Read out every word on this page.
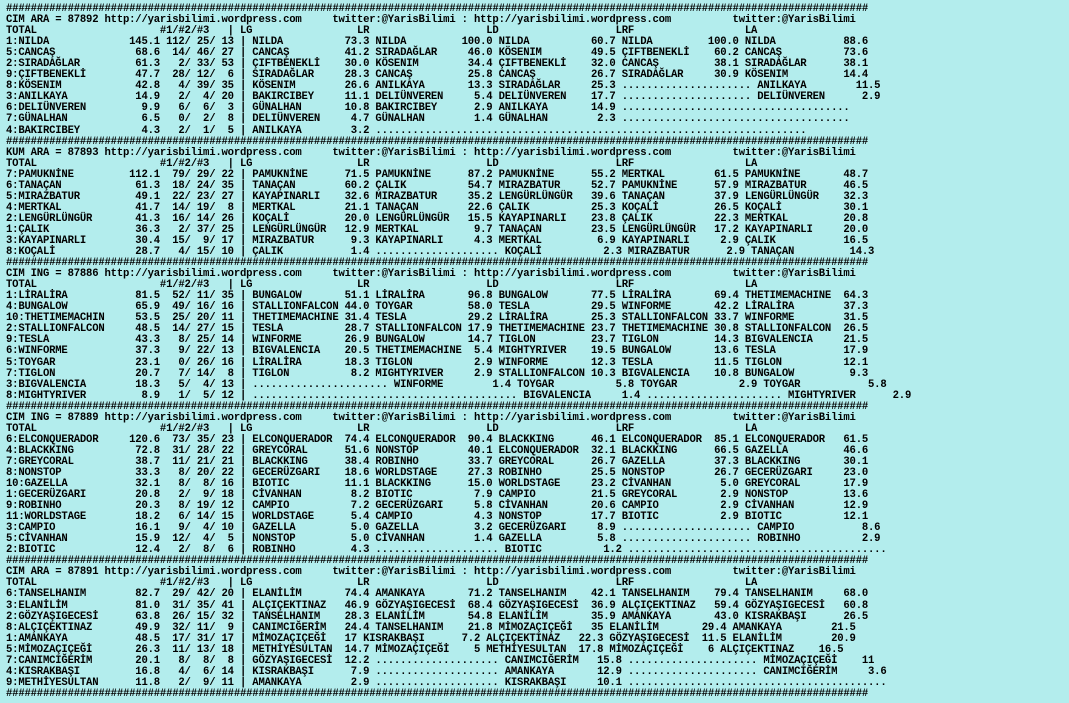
############################################################################################################################################
CIM ARA = 87892 http://yarisbilimi.wordpress.com     twitter:@YarisBilimi : http://yarisbilimi.wordpress.com          twitter:@YarisBilimi
TOTAL                    #1/#2/#3   | LG                 LR                   LD                   LRF                  LA
1:NILDA             145.1 112/ 25/ 13 | NILDA          73.3 NILDA         100.0 NILDA          60.7 NILDA         100.0 NILDA           88.6
5:CANCAŞ             68.6  14/ 46/ 27 | CANCAŞ         41.2 SIRADAĞLAR     46.0 KÖSENIM        49.5 ÇIFTBENEKLİ    60.2 CANCAŞ          73.6
2:SIRADAĞLAR         61.3   2/ 33/ 53 | ÇIFTBENEKLİ    30.0 KÖSENIM        34.4 ÇIFTBENEKLİ    32.0 CANCAŞ         38.1 SIRADAĞLAR      38.1
9:ÇIFTBENEKLİ        47.7  28/ 12/  6 | SIRADAĞLAR     28.3 CANCAŞ         25.8 CANCAŞ         26.7 SIRADAĞLAR     30.9 KÖSENIM         14.4
8:KÖSENIM            42.8   4/ 39/ 35 | KÖSENIM        26.6 ANILKAYA       13.3 SIRADAĞLAR     25.3 ..................... ANILKAYA        11.5
3:ANILKAYA           14.9   2/  4/ 20 | BAKIRCIBEY     11.1 DELIÜNVEREN     5.4 DELIÜNVEREN    17.7 ..................... DELIÜNVEREN      2.9
6:DELIÜNVEREN         9.9   6/  6/  3 | GÜNALHAN       10.8 BAKIRCIBEY      2.9 ANILKAYA       14.9 .....................................
7:GÜNALHAN            6.5   0/  2/  8 | DELIÜNVEREN     4.7 GÜNALHAN        1.4 GÜNALHAN        2.3 .....................................
4:BAKIRCIBEY          4.3   2/  1/  5 | ANILKAYA        3.2 ......................................................................
############################################################################################################################################
KUM ARA = 87893 http://yarisbilimi.wordpress.com     twitter:@YarisBilimi : http://yarisbilimi.wordpress.com          twitter:@YarisBilimi
TOTAL                    #1/#2/#3   | LG                 LR                   LD                   LRF                  LA
7:PAMUKNİNE         112.1  79/ 29/ 22 | PAMUKNİNE      71.5 PAMUKNİNE      87.2 PAMUKNİNE      55.2 MERTKAL        61.5 PAMUKNİNE       48.7
6:TANAÇAN            61.3  18/ 24/ 35 | TANAÇAN        60.2 ÇALIK          54.7 MIRAZBATUR     52.7 PAMUKNİNE      57.9 MIRAZBATUR      46.5
5:MIRAZBATUR         49.1  22/ 23/ 27 | KAYAPINARLI    32.6 MIRAZBATUR     35.2 LENGÜRLÜNGÜR   39.6 TANAÇAN        37.9 LENGÜRLÜNGÜR    32.3
4:MERTKAL            41.7  14/ 19/  8 | MERTKAL        21.1 TANAÇAN        22.6 ÇALIK          25.3 KOÇALİ         26.5 KOÇALİ          30.1
2:LENGÜRLÜNGÜR       41.3  16/ 14/ 26 | KOÇALİ         20.0 LENGÜRLÜNGÜR   15.5 KAYAPINARLI    23.8 ÇALIK          22.3 MERTKAL         20.8
1:ÇALIK              36.3   2/ 37/ 25 | LENGÜRLÜNGÜR   12.9 MERTKAL         9.7 TANAÇAN        23.5 LENGÜRLÜNGÜR   17.2 KAYAPINARLI     20.0
3:KAYAPINARLI        30.4  15/  9/ 17 | MIRAZBATUR      9.3 KAYAPINARLI     4.3 MERTKAL         6.9 KAYAPINARLI     2.9 ÇALIK           16.5
8:KOÇALİ             28.7   4/ 15/ 10 | ÇALIK           1.4 .................... KOÇALİ          2.3 MIRAZBATUR      2.9 TANAÇAN         14.3
############################################################################################################################################
CIM ING = 87886 http://yarisbilimi.wordpress.com     twitter:@YarisBilimi : http://yarisbilimi.wordpress.com          twitter:@YarisBilimi
TOTAL                    #1/#2/#3   | LG                 LR                   LD                   LRF                  LA
1:LİRALİRA           81.5  52/ 11/ 35 | BUNGALOW       51.1 LİRALİRA       96.8 BUNGALOW       77.5 LİRALİRA       69.4 THETIMEMACHINE  64.3
4:BUNGALOW           65.9  49/ 16/ 16 | STALLIONFALCON 44.0 TOYGAR         58.0 TESLA          29.5 WINFORME       42.2 LİRALİRA        37.3
10:THETIMEMACHIN     53.5  25/ 20/ 11 | THETIMEMACHINE 31.4 TESLA          29.2 LİRALİRA       25.3 STALLIONFALCON 33.7 WINFORME        31.5
2:STALLIONFALCON     48.5  14/ 27/ 15 | TESLA          28.7 STALLIONFALCON 17.9 THETIMEMACHINE 23.7 THETIMEMACHINE 30.8 STALLIONFALCON  26.5
9:TESLA              43.3   8/ 25/ 14 | WINFORME       26.9 BUNGALOW       14.7 TIGLON         23.7 TIGLON         14.3 BIGVALENCIA     21.5
6:WINFORME           37.3   9/ 22/ 13 | BIGVALENCIA    20.5 THETIMEMACHINE  5.4 MIGHTYRIVER    19.5 BUNGALOW       13.6 TESLA           17.9
5:TOYGAR             23.1   0/ 26/ 16 | LİRALİRA       18.3 TIGLON          2.9 WINFORME       12.3 TESLA          11.5 TIGLON          12.1
7:TIGLON             20.7   7/ 14/  8 | TIGLON          8.2 MIGHTYRIVER     2.9 STALLIONFALCON 10.3 BIGVALENCIA    10.8 BUNGALOW         9.3
3:BIGVALENCIA        18.3   5/  4/ 13 | ...................... WINFORME        1.4 TOYGAR          5.8 TOYGAR          2.9 TOYGAR           5.8
8:MIGHTYRIVER         8.9   1/  5/ 12 | ........................................... BIGVALENCIA     1.4 ...................... MIGHTYRIVER      2.9
############################################################################################################################################
CIM ING = 87889 http://yarisbilimi.wordpress.com     twitter:@YarisBilimi : http://yarisbilimi.wordpress.com          twitter:@YarisBilimi
TOTAL                    #1/#2/#3   | LG                 LR                   LD                   LRF                  LA
6:ELCONQUERADOR     120.6  73/ 35/ 23 | ELCONQUERADOR  74.4 ELCONQUERADOR  90.4 BLACKKING      46.1 ELCONQUERADOR  85.1 ELCONQUERADOR   61.5
4:BLACKKING          72.8  31/ 28/ 22 | GREYCORAL      51.6 NONSTOP        40.1 ELCONQUERADOR  32.1 BLACKKING      66.5 GAZELLA         46.6
7:GREYCORAL          38.7  11/ 21/ 21 | BLACKKING      38.4 ROBINHO        33.7 GREYCORAL      26.7 GAZELLA        37.3 BLACKKING       30.1
8:NONSTOP            33.3   8/ 20/ 22 | GECERÜZGARI    18.6 WORLDSTAGE     27.3 ROBINHO        25.5 NONSTOP        26.7 GECERÜZGARI     23.0
10:GAZELLA           32.1   8/  8/ 16 | BIOTIC         11.1 BLACKKING      15.0 WORLDSTAGE     23.2 CİVANHAN        5.0 GREYCORAL       17.9
1:GECERÜZGARI        20.8   2/  9/ 18 | CİVANHAN        8.2 BIOTIC          7.9 CAMPIO         21.5 GREYCORAL       2.9 NONSTOP         13.6
9:ROBINHO            20.3   8/ 19/ 12 | CAMPIO          7.2 GECERÜZGARI     5.8 CİVANHAN       20.6 CAMPIO          2.9 CİVANHAN        12.9
11:WORLDSTAGE        18.2   6/ 14/ 15 | WORLDSTAGE      5.4 CAMPIO          4.3 NONSTOP        17.7 BIOTIC          2.9 BIOTIC          12.1
3:CAMPIO             16.1   9/  4/ 10 | GAZELLA         5.0 GAZELLA         3.2 GECERÜZGARI     8.9 ..................... CAMPIO           8.6
5:CİVANHAN           15.9  12/  4/  5 | NONSTOP         5.0 CİVANHAN        1.4 GAZELLA         5.8 ..................... ROBINHO          2.9
2:BIOTIC             12.4   2/  8/  6 | ROBINHO         4.3 .................... BIOTIC          1.2 ..........................................
############################################################################################################################################
CIM ARA = 87891 http://yarisbilimi.wordpress.com     twitter:@YarisBilimi : http://yarisbilimi.wordpress.com          twitter:@YarisBilimi
TOTAL                    #1/#2/#3   | LG                 LR                   LD                   LRF                  LA
6:TANSELHANIM        82.7  29/ 42/ 20 | ELANİLİM       74.4 AMANKAYA       71.2 TANSELHANIM    42.1 TANSELHANIM    79.4 TANSELHANIM     68.0
3:ELANİLİM           81.0  31/ 35/ 41 | ALÇIÇEKTINAZ   46.9 GÖZYAŞIGECESİ  68.4 GÖZYAŞIGECESİ  36.9 ALÇIÇEKTINAZ   59.4 GÖZYAŞIGECESİ   60.8
2:GÖZYAŞIGECESİ      63.8  26/ 15/ 32 | TANSELHANIM    28.3 ELANİLİM       54.8 ELANİLİM       35.9 AMANKAYA       43.0 KISRAKBAŞI      26.5
8:ALÇIÇEKTINAZ       49.9  32/ 11/  9 | CANIMCIĞERİM   24.4 TANSELHANIM    21.8 MİMOZAÇIÇEĞİ   35 ELANİLİM       29.4 AMANKAYA        21.5
1:AMANKAYA           48.5  17/ 31/ 17 | MİMOZAÇIÇEĞİ   17 KISRAKBAŞI      7.2 ALÇIÇEKTINAZ   22.3 GÖZYAŞIGECESİ  11.5 ELANİLİM        20.9
5:MİMOZAÇIÇEĞİ       26.3  11/ 13/ 18 | METHİYESULTAN  14.7 MİMOZAÇIÇEĞİ    5 METHİYESULTAN  17.8 MİMOZAÇIÇEĞİ    6 ALÇIÇEKTINAZ    16.5
7:CANIMCIĞERİM       20.1   8/  8/  8 | GÖZYAŞIGECESİ  12.2 .................... CANIMCIĞERİM   15.8 ..................... MİMOZAÇIÇEĞİ    11
4:KISRAKBAŞI         16.8   4/  6/ 14 | KISRAKBAŞI      7.9 .................... AMANKAYA       12.9 ..................... CANIMCIĞERİM     3.6
9:METHİYESULTAN      11.8   2/  9/ 11 | AMANKAYA        2.9 .................... KISRAKBAŞI     10.1 ..........................................
############################################################################################################################################
